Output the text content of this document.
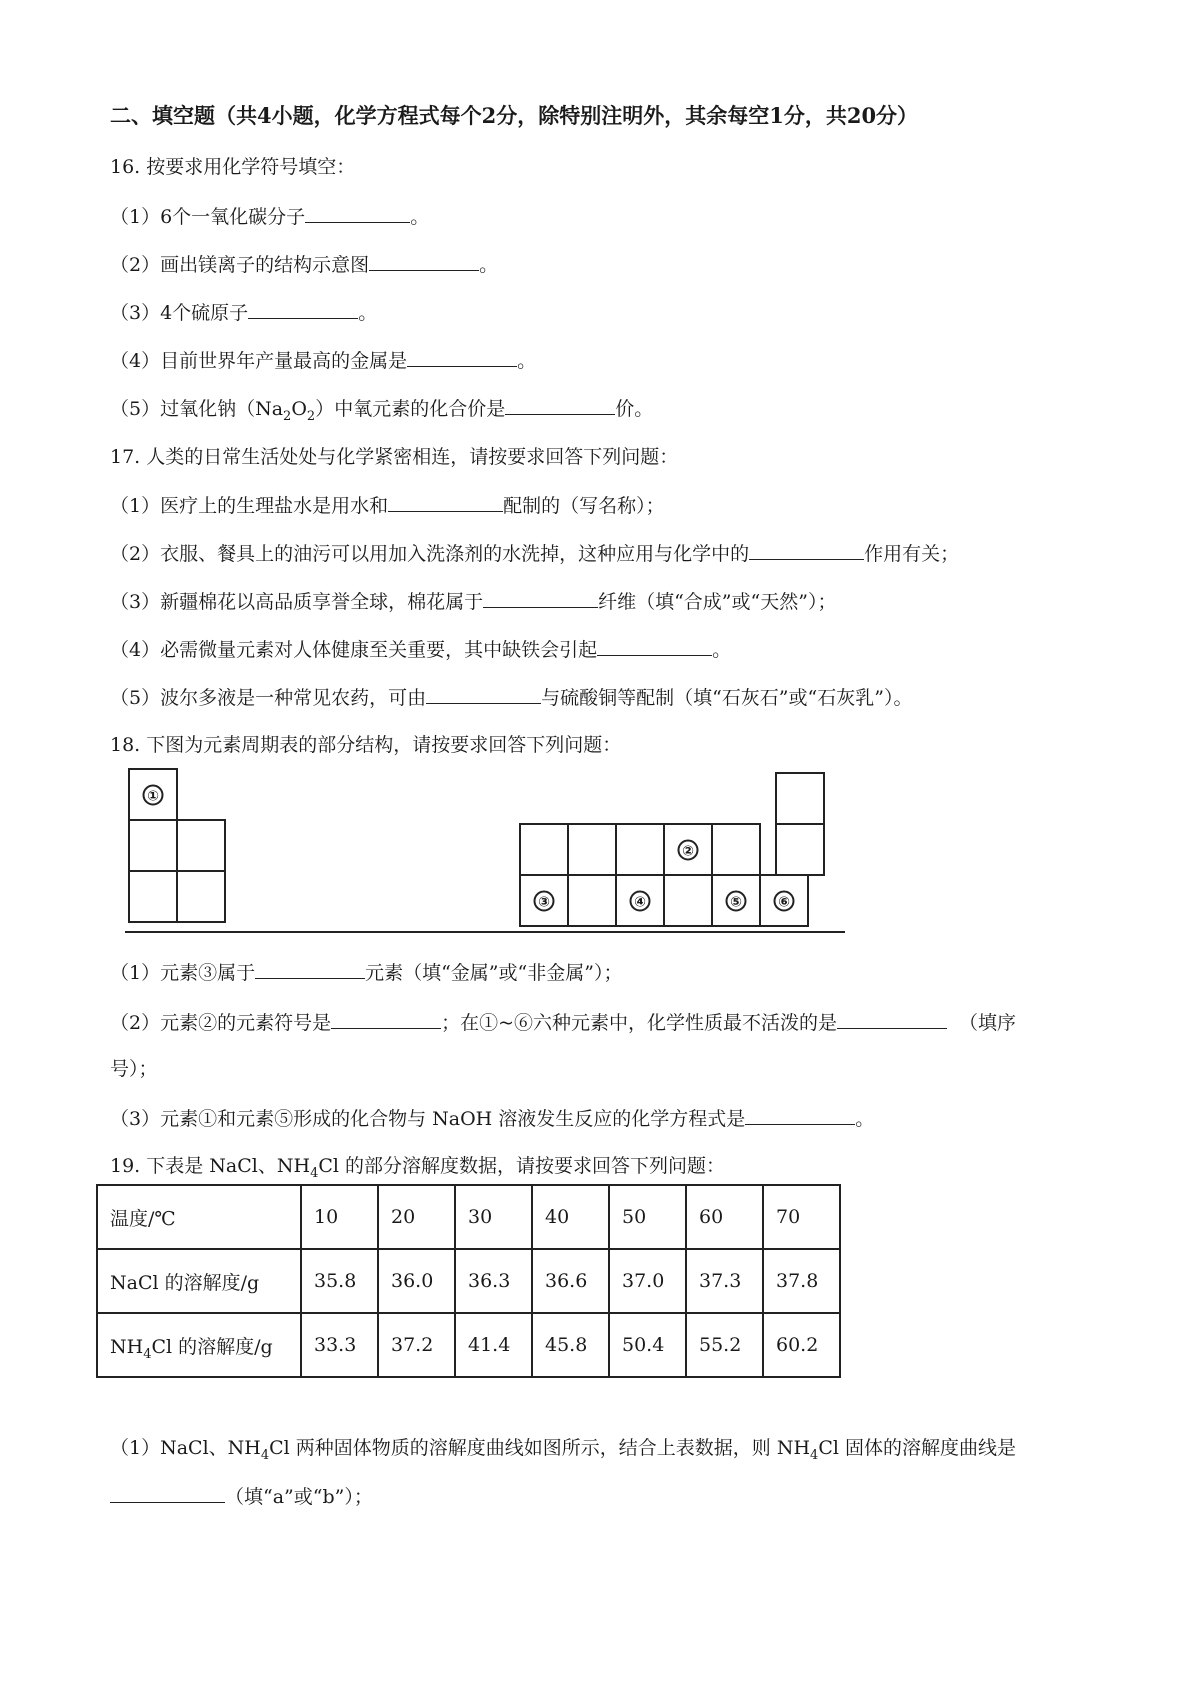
二、填空题（共4小题，化学方程式每个2分，除特别注明外，其余每空1分，共20分）
16. 按要求用化学符号填空：
（1）6个一氧化碳分子	。
（2）画出镁离子的结构示意图	。
（3）4个硫原子	。
（4）目前世界年产量最高的金属是	。
（5）过氧化钠$(Na_2O_2)$中氧元素的化合价是	价。
17. 人类的日常生活处处与化学紧密相连，请按要求回答下列问题：
（1）医疗上的生理盐水是用水和	配制的（写名称）；
（2）衣服、餐具上的油污可以用加入洗涤剂的水洗掉，这种应用与化学中的	作用有关；
（3）新疆棉花以高品质享誉全球，棉花属于	纤维（填“合成”或“天然”）；
（4）必需微量元素对人体健康至关重要，其中缺铁会引起	。
（5）波尔多液是一种常见农药，可由	与硫酸铜等配制（填“石灰石”或“石灰乳”）。
18. 下图为元素周期表的部分结构，请按要求回答下列问题：
①
②
③	④	⑤	⑥
（1）元素③属于	元素（填“金属”或“非金属”）；
（2）元素②的元素符号是	；在①~⑥六种元素中，化学性质最不活泼的是	（填序
号）；
（3）元素①和元素⑤形成的化合物与 NaOH 溶液发生反应的化学方程式是	。
19. 下表是 NaCl、$NH_4Cl$ 的部分溶解度数据，请按要求回答下列问题：
温度/℃	10	20	30	40	50	60	70
NaCl 的溶解度/g	35.8	36.0	36.3	36.6	37.0	37.3	37.8
$NH_4Cl$ 的溶解度/g	33.3	37.2	41.4	45.8	50.4	55.2	60.2
（1）NaCl、$NH_4Cl$ 两种固体物质的溶解度曲线如图所示，结合上表数据，则 $NH_4Cl$ 固体的溶解度曲线是
（填“a”或“b”）；
